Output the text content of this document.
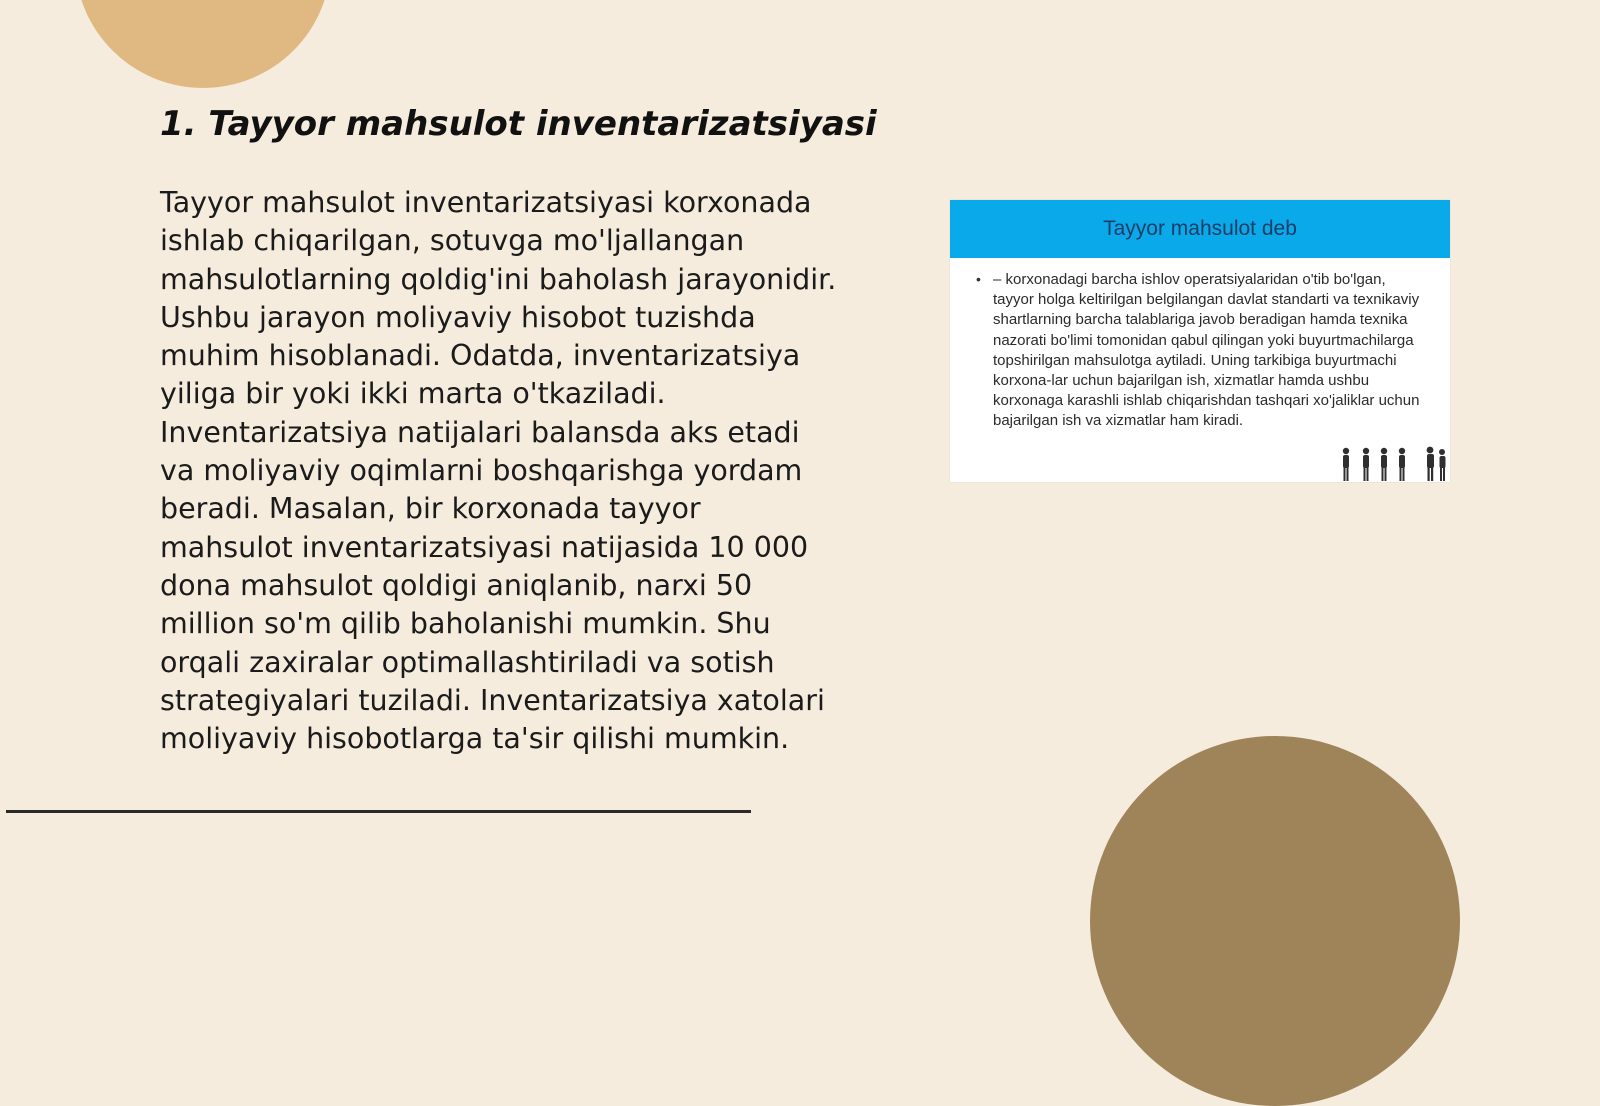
1. Tayyor mahsulot inventarizatsiyasi

Tayyor mahsulot inventarizatsiyasi korxonada ishlab chiqarilgan, sotuvga mo'ljallangan mahsulotlarning qoldig'ini baholash jarayonidir. Ushbu jarayon moliyaviy hisobot tuzishda muhim hisoblanadi. Odatda, inventarizatsiya yiliga bir yoki ikki marta o'tkaziladi. Inventarizatsiya natijalari balansda aks etadi va moliyaviy oqimlarni boshqarishga yordam beradi. Masalan, bir korxonada tayyor mahsulot inventarizatsiyasi natijasida 10 000 dona mahsulot qoldigi aniqlanib, narxi 50 million so'm qilib baholanishi mumkin. Shu orqali zaxiralar optimallashtiriladi va sotish strategiyalari tuziladi. Inventarizatsiya xatolari moliyaviy hisobotlarga ta'sir qilishi mumkin.

Tayyor mahsulot deb
• – korxonadagi barcha ishlov operatsiyalaridan o'tib bo'lgan, tayyor holga keltirilgan belgilangan davlat standarti va texnikaviy shartlarning barcha talablariga javob beradigan hamda texnika nazorati bo'limi tomonidan qabul qilingan yoki buyurtmachilarga topshirilgan mahsulotga aytiladi. Uning tarkibiga buyurtmachi korxona-lar uchun bajarilgan ish, xizmatlar hamda ushbu korxonaga karashli ishlab chiqarishdan tashqari xo'jaliklar uchun bajarilgan ish va xizmatlar ham kiradi.
